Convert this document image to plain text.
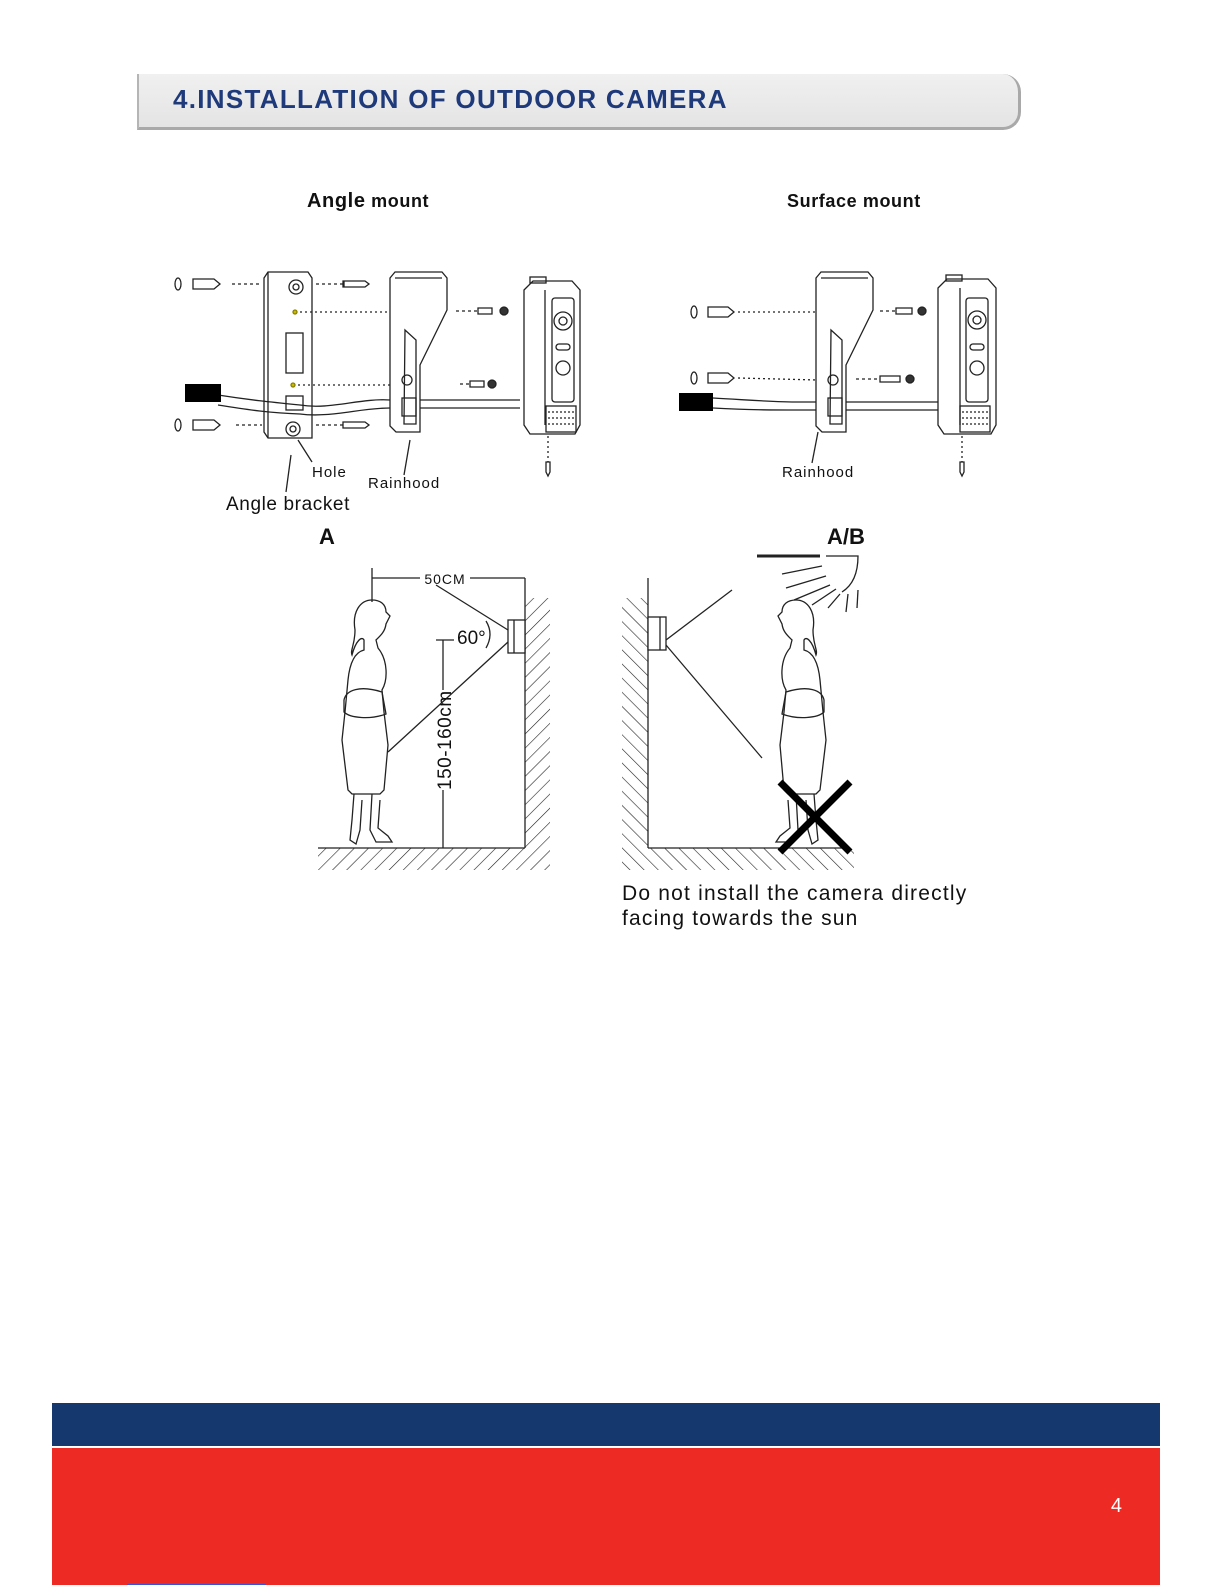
4.INSTALLATION OF OUTDOOR CAMERA
Angle mount	Surface mount
Hole
Rainhood
Angle bracket
Rainhood
A	A/B
50CM
60°
150-160cm
Do not install the camera directly
facing towards the sun
4
